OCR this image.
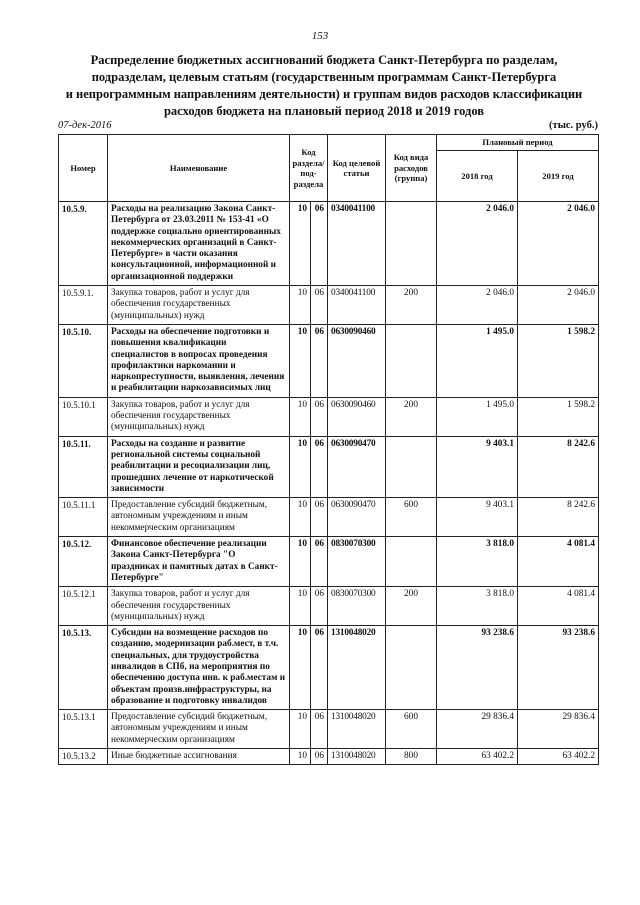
153
Распределение бюджетных ассигнований бюджета Санкт-Петербурга по разделам,
подразделам, целевым статьям (государственным программам Санкт-Петербурга
и непрограммным направлениям деятельности) и группам видов расходов классификации
расходов бюджета на плановый период 2018 и 2019 годов
07-дек-2016	(тыс. руб.)
Номер	Наименование	Код раздела/ под-раздела		Код целевой статьи	Код вида расходов (группа)	Плановый период	
						2018 год	2019 год
10.5.9.	Расходы на реализацию Закона Санкт-Петербурга от 23.03.2011 № 153-41 «О поддержке социально ориентированных некоммерческих организаций в Санкт-Петербурге» в части оказания консультационной, информационной и организационной поддержки	10	06	0340041100		2 046.0	2 046.0
10.5.9.1.	Закупка товаров, работ и услуг для обеспечения государственных (муниципальных) нужд	10	06	0340041100	200	2 046.0	2 046.0
10.5.10.	Расходы на обеспечение подготовки и повышения квалификации специалистов в вопросах проведения профилактики наркомании и наркопреступности, выявления, лечения и реабилитации наркозависимых лиц	10	06	0630090460		1 495.0	1 598.2
10.5.10.1	Закупка товаров, работ и услуг для обеспечения государственных (муниципальных) нужд	10	06	0630090460	200	1 495.0	1 598.2
10.5.11.	Расходы на создание и развитие региональной системы социальной реабилитации и ресоциализации лиц, прошедших лечение от наркотической зависимости	10	06	0630090470		9 403.1	8 242.6
10.5.11.1	Предоставление субсидий бюджетным, автономным учреждениям и иным некоммерческим организациям	10	06	0630090470	600	9 403.1	8 242.6
10.5.12.	Финансовое обеспечение реализации Закона Санкт-Петербурга "О праздниках и памятных датах в Санкт-Петербурге"	10	06	0830070300		3 818.0	4 081.4
10.5.12.1	Закупка товаров, работ и услуг для обеспечения государственных (муниципальных) нужд	10	06	0830070300	200	3 818.0	4 081.4
10.5.13.	Субсидии на возмещение расходов по созданию, модернизации раб.мест, в т.ч. специальных, для трудоустройства инвалидов в СПб, на мероприятия по обеспечению доступа инв. к раб.местам и объектам произв.инфраструктуры, на образование и подготовку инвалидов	10	06	1310048020		93 238.6	93 238.6
10.5.13.1	Предоставление субсидий бюджетным, автономным учреждениям и иным некоммерческим организациям	10	06	1310048020	600	29 836.4	29 836.4
10.5.13.2	Иные бюджетные ассигнования	10	06	1310048020	800	63 402.2	63 402.2
